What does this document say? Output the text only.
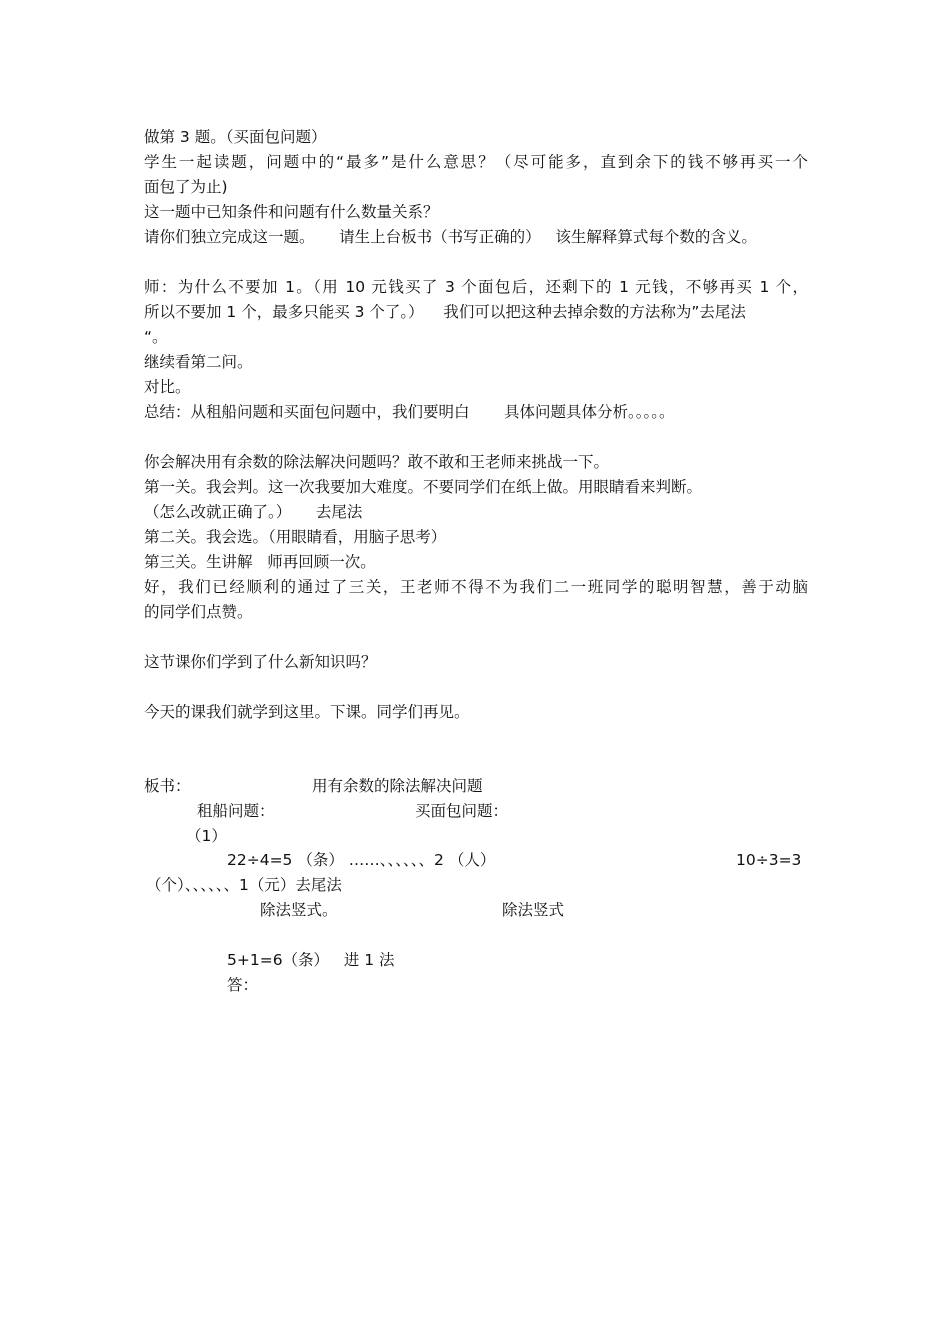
做第 3 题。（买面包问题）
学生一起读题，问题中的“最多”是什么意思？（尽可能多，直到余下的钱不够再买一个
面包了为止)
这一题中已知条件和问题有什么数量关系？
请你们独立完成这一题。     请生上台板书（书写正确的）   该生解释算式每个数的含义。
师：为什么不要加 1。（用 10 元钱买了 3 个面包后，还剩下的 1 元钱，不够再买 1 个，
所以不要加 1 个，最多只能买 3 个了。）    我们可以把这种去掉余数的方法称为”去尾法
“。
继续看第二问。
对比。
总结：从租船问题和买面包问题中，我们要明白       具体问题具体分析。。。。。
你会解决用有余数的除法解决问题吗？敢不敢和王老师来挑战一下。
第一关。我会判。这一次我要加大难度。不要同学们在纸上做。用眼睛看来判断。
（怎么改就正确了。）     去尾法
第二关。我会选。（用眼睛看，用脑子思考）
第三关。生讲解   师再回顾一次。
好，我们已经顺利的通过了三关，王老师不得不为我们二一班同学的聪明智慧，善于动脑
的同学们点赞。
这节课你们学到了什么新知识吗？
今天的课我们就学到这里。下课。同学们再见。
板书：	用有余数的除法解决问题
租船问题：	买面包问题：
（1）
22÷4=5 （条） ……、、、、、、2 （人）	10÷3=3
（个）、、、、、、1（元）去尾法
除法竖式。	除法竖式
5+1=6（条）   进 1 法
答：
